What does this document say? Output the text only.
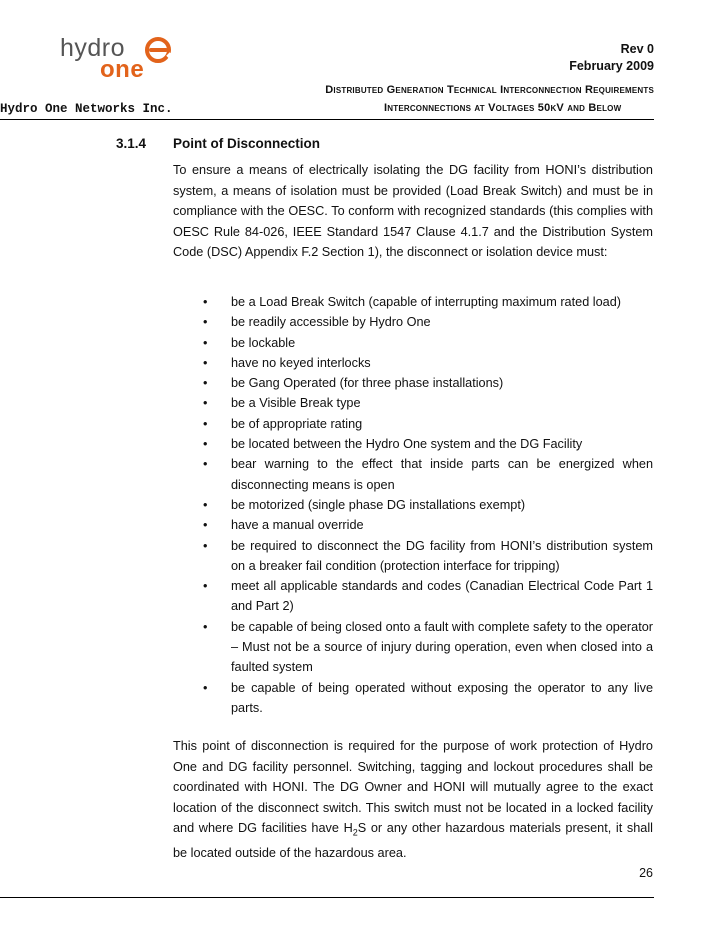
hydro
one
Rev 0
February 2009
Distributed Generation Technical Interconnection Requirements
Hydro One Networks Inc.	Interconnections at Voltages 50kV and Below
3.1.4 Point of Disconnection
To ensure a means of electrically isolating the DG facility from HONI’s distribution system, a means of isolation must be provided (Load Break Switch) and must be in compliance with the OESC. To conform with recognized standards (this complies with OESC Rule 84-026, IEEE Standard 1547 Clause 4.1.7 and the Distribution System Code (DSC) Appendix F.2 Section 1), the disconnect or isolation device must:
• be a Load Break Switch (capable of interrupting maximum rated load)
• be readily accessible by Hydro One
• be lockable
• have no keyed interlocks
• be Gang Operated (for three phase installations)
• be a Visible Break type
• be of appropriate rating
• be located between the Hydro One system and the DG Facility
• bear warning to the effect that inside parts can be energized when disconnecting means is open
• be motorized (single phase DG installations exempt)
• have a manual override
• be required to disconnect the DG facility from HONI’s distribution system on a breaker fail condition (protection interface for tripping)
• meet all applicable standards and codes (Canadian Electrical Code Part 1 and Part 2)
• be capable of being closed onto a fault with complete safety to the operator – Must not be a source of injury during operation, even when closed into a faulted system
• be capable of being operated without exposing the operator to any live parts.
This point of disconnection is required for the purpose of work protection of Hydro One and DG facility personnel. Switching, tagging and lockout procedures shall be coordinated with HONI. The DG Owner and HONI will mutually agree to the exact location of the disconnect switch. This switch must not be located in a locked facility and where DG facilities have $H_2S$ or any other hazardous materials present, it shall be located outside of the hazardous area.
26
